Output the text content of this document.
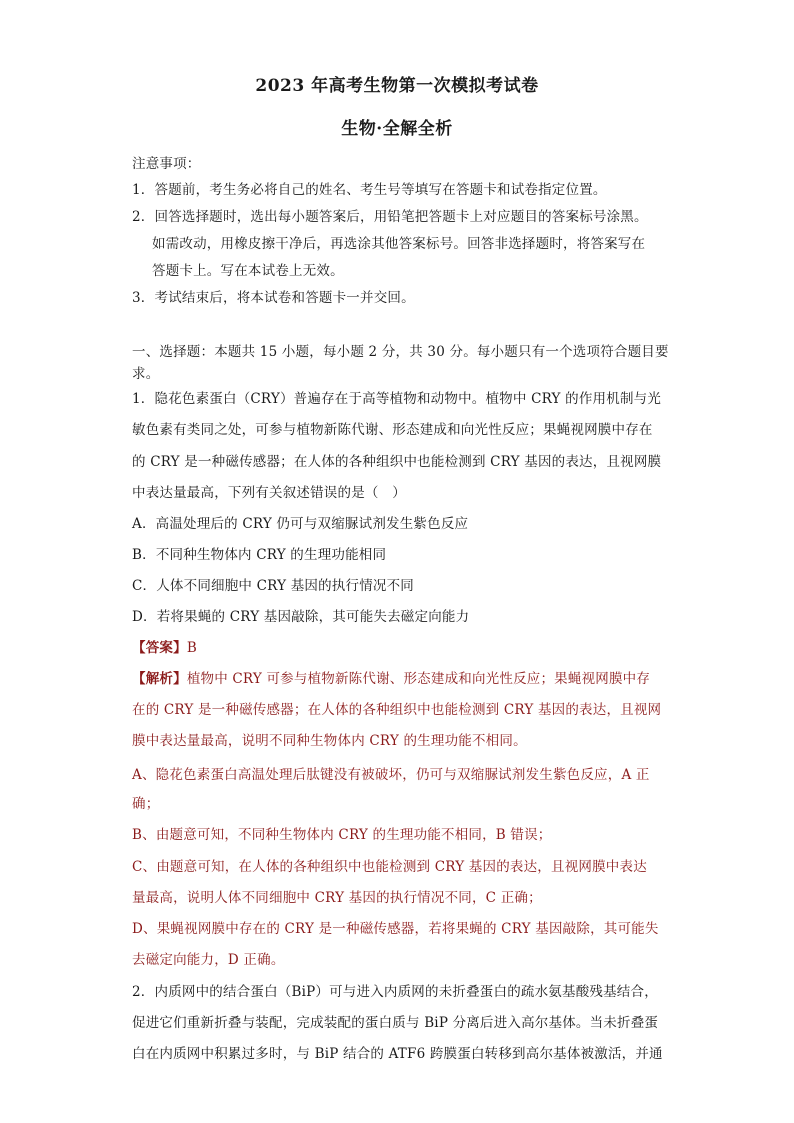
2023 年高考生物第一次模拟考试卷
生物·全解全析
注意事项：
1．答题前，考生务必将自己的姓名、考生号等填写在答题卡和试卷指定位置。
2．回答选择题时，选出每小题答案后，用铅笔把答题卡上对应题目的答案标号涂黑。
如需改动，用橡皮擦干净后，再选涂其他答案标号。回答非选择题时，将答案写在
答题卡上。写在本试卷上无效。
3．考试结束后，将本试卷和答题卡一并交回。
一、选择题：本题共 15 小题，每小题 2 分，共 30 分。每小题只有一个选项符合题目要
求。
1．隐花色素蛋白（CRY）普遍存在于高等植物和动物中。植物中 CRY 的作用机制与光
敏色素有类同之处，可参与植物新陈代谢、形态建成和向光性反应；果蝇视网膜中存在
的 CRY 是一种磁传感器；在人体的各种组织中也能检测到 CRY 基因的表达，且视网膜
中表达量最高，下列有关叙述错误的是（　）
A．高温处理后的 CRY 仍可与双缩脲试剂发生紫色反应
B．不同种生物体内 CRY 的生理功能相同
C．人体不同细胞中 CRY 基因的执行情况不同
D．若将果蝇的 CRY 基因敲除，其可能失去磁定向能力
【答案】B
【解析】植物中 CRY 可参与植物新陈代谢、形态建成和向光性反应；果蝇视网膜中存
在的 CRY 是一种磁传感器；在人体的各种组织中也能检测到 CRY 基因的表达，且视网
膜中表达量最高，说明不同种生物体内 CRY 的生理功能不相同。
A、隐花色素蛋白高温处理后肽键没有被破坏，仍可与双缩脲试剂发生紫色反应，A 正
确；
B、由题意可知，不同种生物体内 CRY 的生理功能不相同，B 错误；
C、由题意可知，在人体的各种组织中也能检测到 CRY 基因的表达，且视网膜中表达
量最高，说明人体不同细胞中 CRY 基因的执行情况不同，C 正确；
D、果蝇视网膜中存在的 CRY 是一种磁传感器，若将果蝇的 CRY 基因敲除，其可能失
去磁定向能力，D 正确。
2．内质网中的结合蛋白（BiP）可与进入内质网的未折叠蛋白的疏水氨基酸残基结合，
促进它们重新折叠与装配，完成装配的蛋白质与 BiP 分离后进入高尔基体。当未折叠蛋
白在内质网中积累过多时，与 BiP 结合的 ATF6 跨膜蛋白转移到高尔基体被激活，并通
